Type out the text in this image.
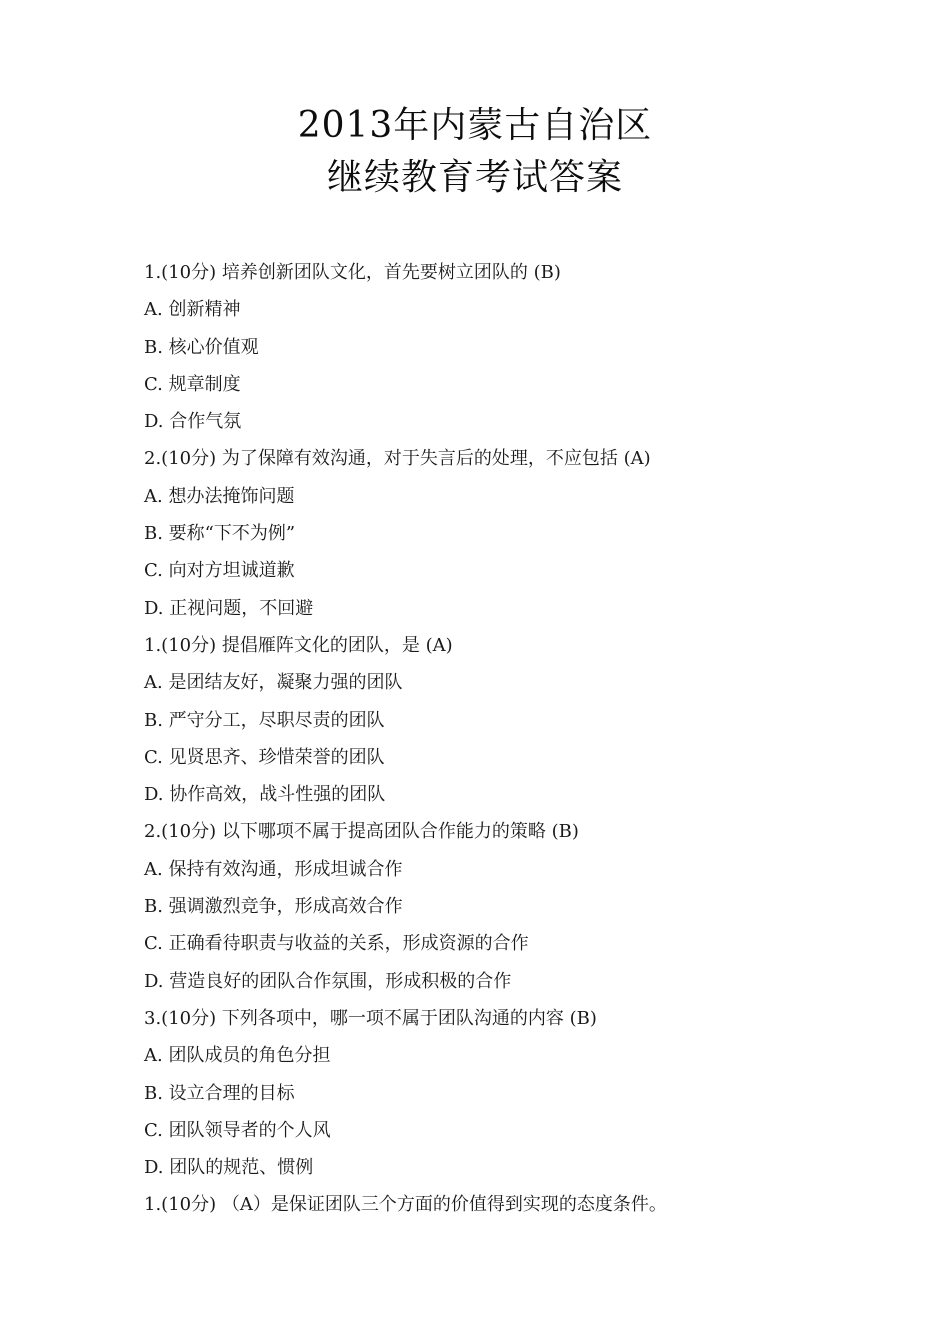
2013年内蒙古自治区
继续教育考试答案
1.(10分) 培养创新团队文化，首先要树立团队的 (B)
A. 创新精神
B. 核心价值观
C. 规章制度
D. 合作气氛
2.(10分) 为了保障有效沟通，对于失言后的处理，不应包括 (A)
A. 想办法掩饰问题
B. 要称“下不为例”
C. 向对方坦诚道歉
D. 正视问题，不回避
1.(10分) 提倡雁阵文化的团队，是 (A)
A. 是团结友好，凝聚力强的团队
B. 严守分工，尽职尽责的团队
C. 见贤思齐、珍惜荣誉的团队
D. 协作高效，战斗性强的团队
2.(10分) 以下哪项不属于提高团队合作能力的策略 (B)
A. 保持有效沟通，形成坦诚合作
B. 强调激烈竞争，形成高效合作
C. 正确看待职责与收益的关系，形成资源的合作
D. 营造良好的团队合作氛围，形成积极的合作
3.(10分) 下列各项中，哪一项不属于团队沟通的内容 (B)
A. 团队成员的角色分担
B. 设立合理的目标
C. 团队领导者的个人风
D. 团队的规范、惯例
1.(10分) （A）是保证团队三个方面的价值得到实现的态度条件。
